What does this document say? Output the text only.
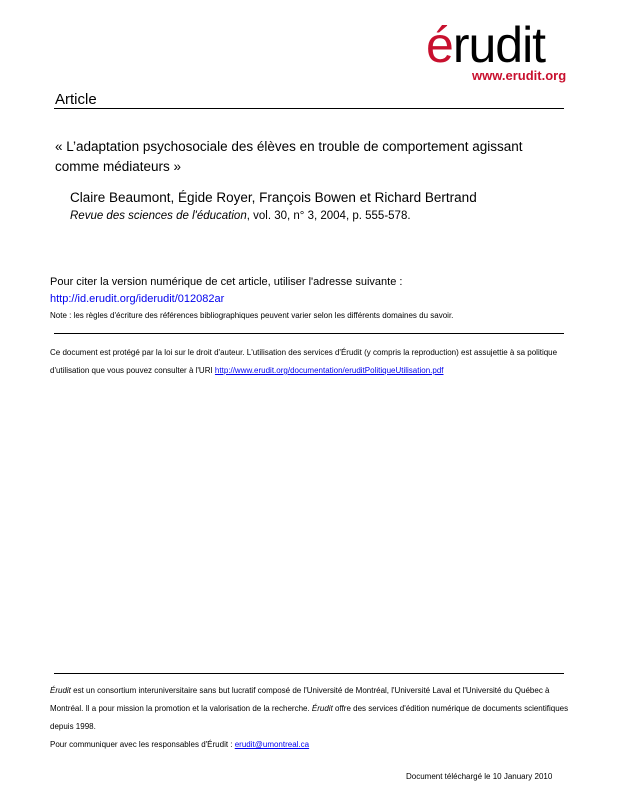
érudit
www.erudit.org
Article
« L’adaptation psychosociale des élèves en trouble de comportement agissant comme médiateurs »
Claire Beaumont, Égide Royer, François Bowen et Richard Bertrand
Revue des sciences de l'éducation, vol. 30, n° 3, 2004, p. 555-578.
Pour citer la version numérique de cet article, utiliser l'adresse suivante :
http://id.erudit.org/iderudit/012082ar
Note : les règles d'écriture des références bibliographiques peuvent varier selon les différents domaines du savoir.
Ce document est protégé par la loi sur le droit d'auteur. L'utilisation des services d'Érudit (y compris la reproduction) est assujettie à sa politique d'utilisation que vous pouvez consulter à l'URI http://www.erudit.org/documentation/eruditPolitiqueUtilisation.pdf
Érudit est un consortium interuniversitaire sans but lucratif composé de l'Université de Montréal, l'Université Laval et l'Université du Québec à Montréal. Il a pour mission la promotion et la valorisation de la recherche. Érudit offre des services d'édition numérique de documents scientifiques depuis 1998.
Pour communiquer avec les responsables d'Érudit : erudit@umontreal.ca
Document téléchargé le 10 January 2010
